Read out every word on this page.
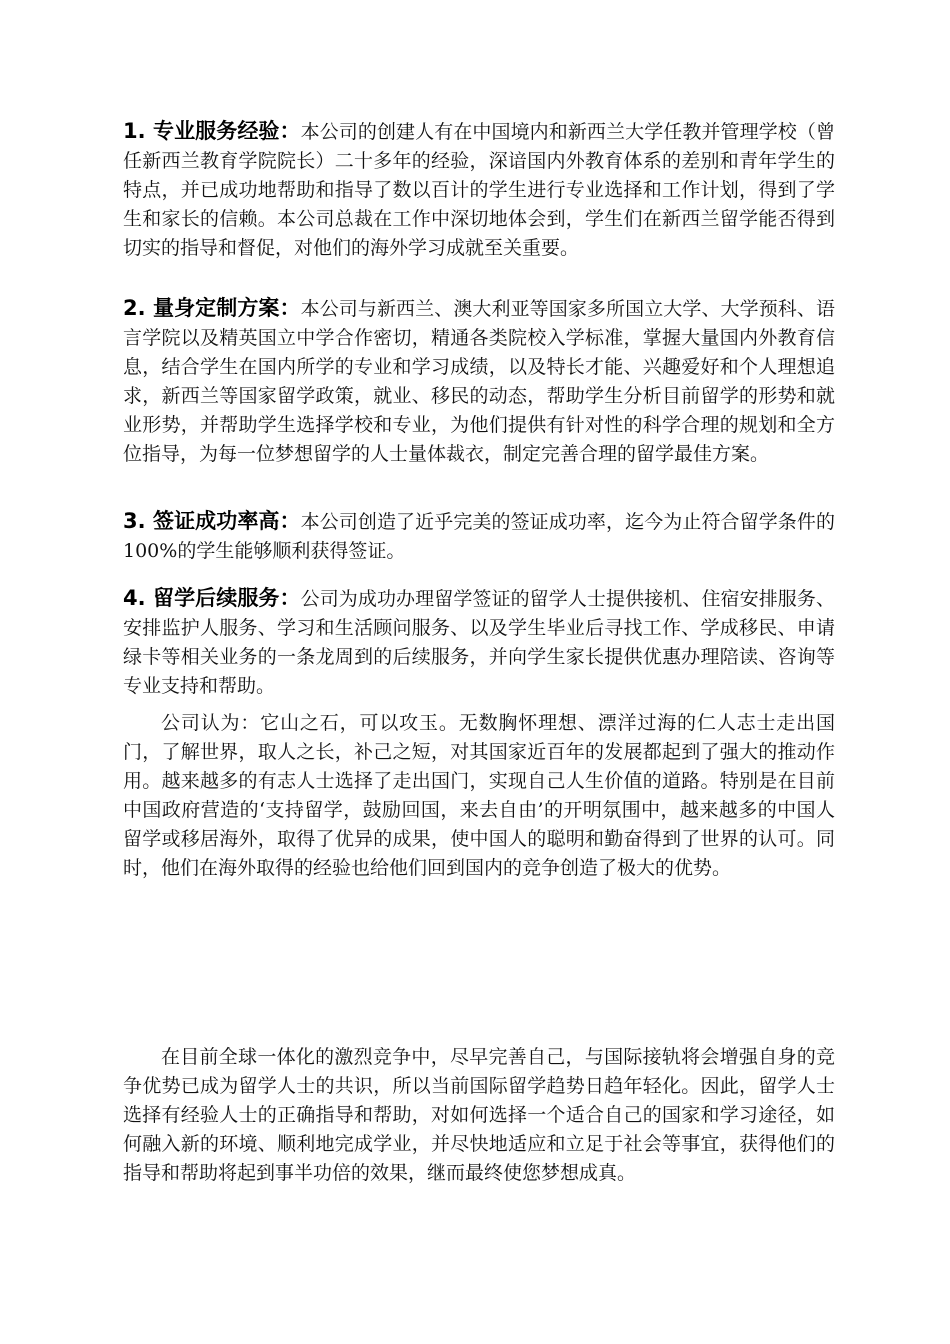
1. 专业服务经验：本公司的创建人有在中国境内和新西兰大学任教并管理学校（曾任新西兰教育学院院长）二十多年的经验，深谙国内外教育体系的差别和青年学生的特点，并已成功地帮助和指导了数以百计的学生进行专业选择和工作计划，得到了学生和家长的信赖。本公司总裁在工作中深切地体会到，学生们在新西兰留学能否得到切实的指导和督促，对他们的海外学习成就至关重要。

2. 量身定制方案：本公司与新西兰、澳大利亚等国家多所国立大学、大学预科、语言学院以及精英国立中学合作密切，精通各类院校入学标准，掌握大量国内外教育信息，结合学生在国内所学的专业和学习成绩，以及特长才能、兴趣爱好和个人理想追求，新西兰等国家留学政策，就业、移民的动态，帮助学生分析目前留学的形势和就业形势，并帮助学生选择学校和专业，为他们提供有针对性的科学合理的规划和全方位指导，为每一位梦想留学的人士量体裁衣，制定完善合理的留学最佳方案。

3. 签证成功率高：本公司创造了近乎完美的签证成功率，迄今为止符合留学条件的 100%的学生能够顺利获得签证。

4. 留学后续服务：公司为成功办理留学签证的留学人士提供接机、住宿安排服务、安排监护人服务、学习和生活顾问服务、以及学生毕业后寻找工作、学成移民、申请绿卡等相关业务的一条龙周到的后续服务，并向学生家长提供优惠办理陪读、咨询等专业支持和帮助。

公司认为：它山之石，可以攻玉。无数胸怀理想、漂洋过海的仁人志士走出国门，了解世界，取人之长，补己之短，对其国家近百年的发展都起到了强大的推动作用。越来越多的有志人士选择了走出国门，实现自己人生价值的道路。特别是在目前中国政府营造的‘支持留学，鼓励回国，来去自由’的开明氛围中，越来越多的中国人留学或移居海外，取得了优异的成果，使中国人的聪明和勤奋得到了世界的认可。同时，他们在海外取得的经验也给他们回到国内的竞争创造了极大的优势。

在目前全球一体化的激烈竞争中，尽早完善自己，与国际接轨将会增强自身的竞争优势已成为留学人士的共识，所以当前国际留学趋势日趋年轻化。因此，留学人士选择有经验人士的正确指导和帮助，对如何选择一个适合自己的国家和学习途径，如何融入新的环境、顺利地完成学业，并尽快地适应和立足于社会等事宜，获得他们的指导和帮助将起到事半功倍的效果，继而最终使您梦想成真。
